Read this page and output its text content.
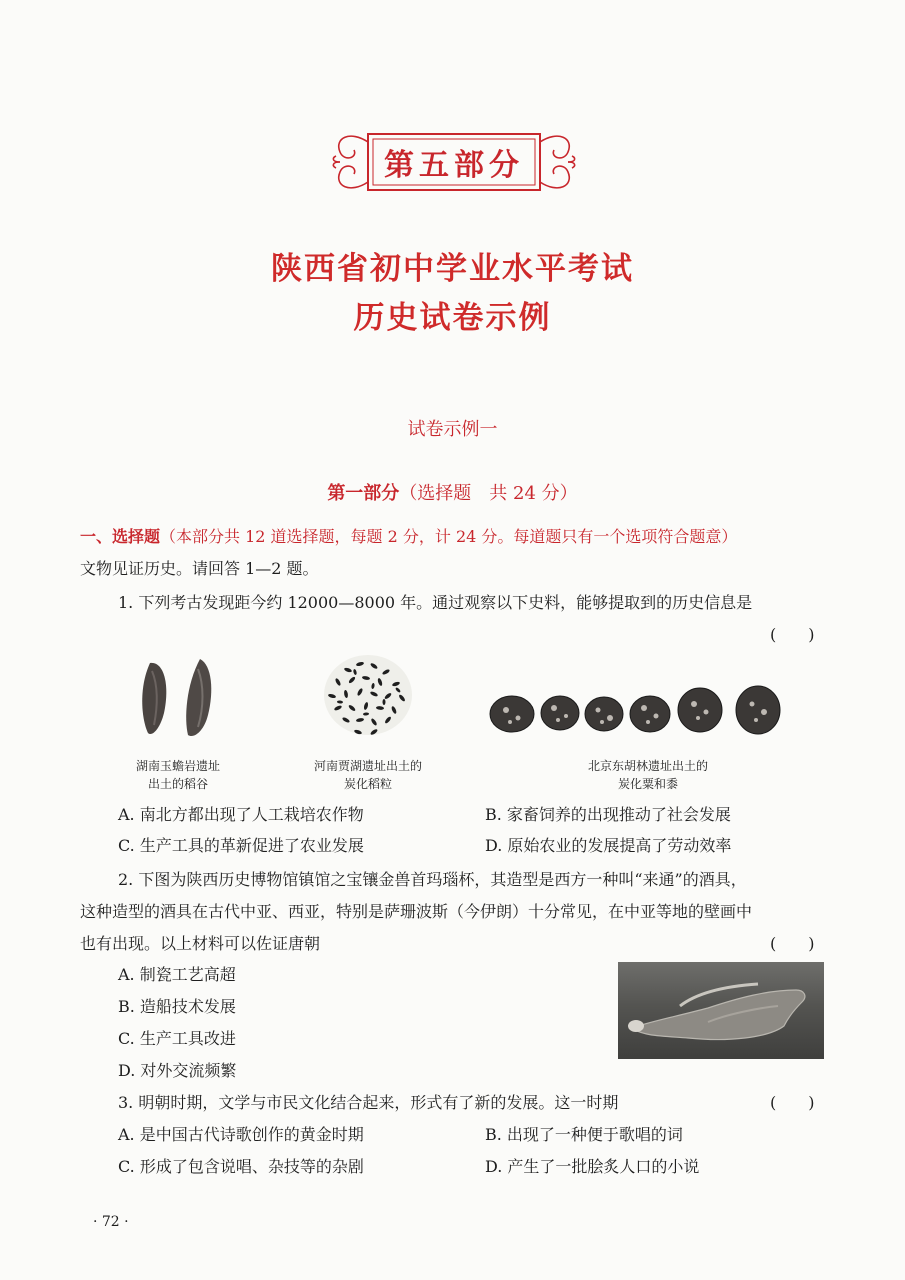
第五部分
陕西省初中学业水平考试
历史试卷示例
试卷示例一
第一部分（选择题　共 24 分）
一、选择题（本部分共 12 道选择题，每题 2 分，计 24 分。每道题只有一个选项符合题意）
文物见证历史。请回答 1—2 题。
1. 下列考古发现距今约 12000—8000 年。通过观察以下史料，能够提取到的历史信息是
(　　)
湖南玉蟾岩遗址
出土的稻谷
河南贾湖遗址出土的
炭化稻粒
北京东胡林遗址出土的
炭化粟和黍
A. 南北方都出现了人工栽培农作物	B. 家畜饲养的出现推动了社会发展
C. 生产工具的革新促进了农业发展	D. 原始农业的发展提高了劳动效率
2. 下图为陕西历史博物馆镇馆之宝镶金兽首玛瑙杯，其造型是西方一种叫“来通”的酒具，
这种造型的酒具在古代中亚、西亚，特别是萨珊波斯（今伊朗）十分常见，在中亚等地的壁画中
也有出现。以上材料可以佐证唐朝	(　　)
A. 制瓷工艺高超
B. 造船技术发展
C. 生产工具改进
D. 对外交流频繁
3. 明朝时期，文学与市民文化结合起来，形式有了新的发展。这一时期	(　　)
A. 是中国古代诗歌创作的黄金时期	B. 出现了一种便于歌唱的词
C. 形成了包含说唱、杂技等的杂剧	D. 产生了一批脍炙人口的小说
· 72 ·
